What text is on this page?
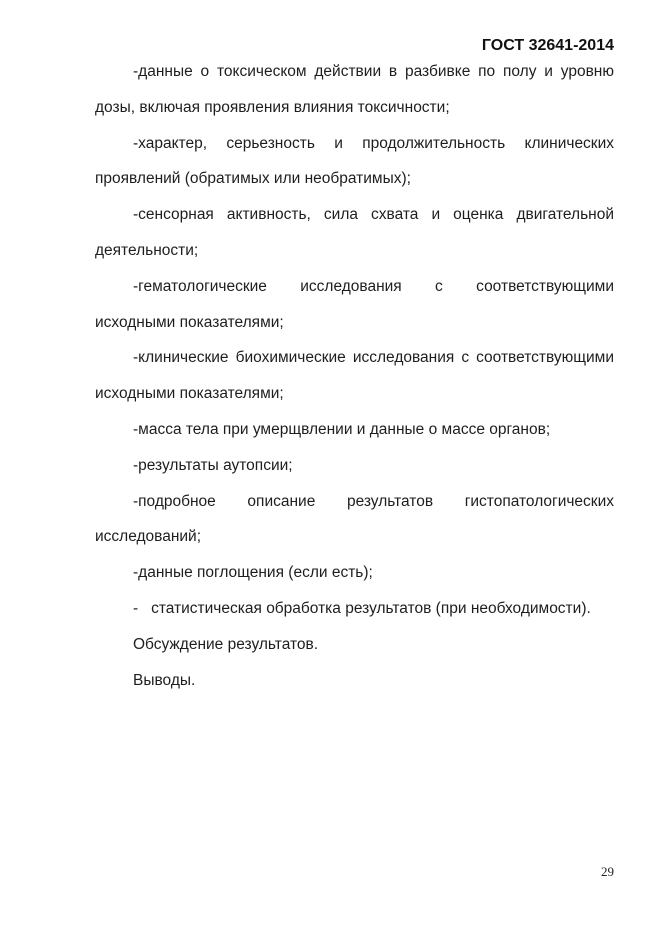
ГОСТ 32641-2014
-данные о токсическом действии в разбивке по полу и уровню
дозы, включая проявления влияния токсичности;
-характер, серьезность и продолжительность клинических
проявлений (обратимых или необратимых);
-сенсорная активность, сила схвата и оценка двигательной
деятельности;
-гематологические исследования с соответствующими
исходными показателями;
-клинические биохимические исследования с соответствующими
исходными показателями;
-масса тела при умерщвлении и данные о массе органов;
-результаты аутопсии;
-подробное описание результатов гистопатологических
исследований;
-данные поглощения (если есть);
-   статистическая обработка результатов (при необходимости).
Обсуждение результатов.
Выводы.
29
